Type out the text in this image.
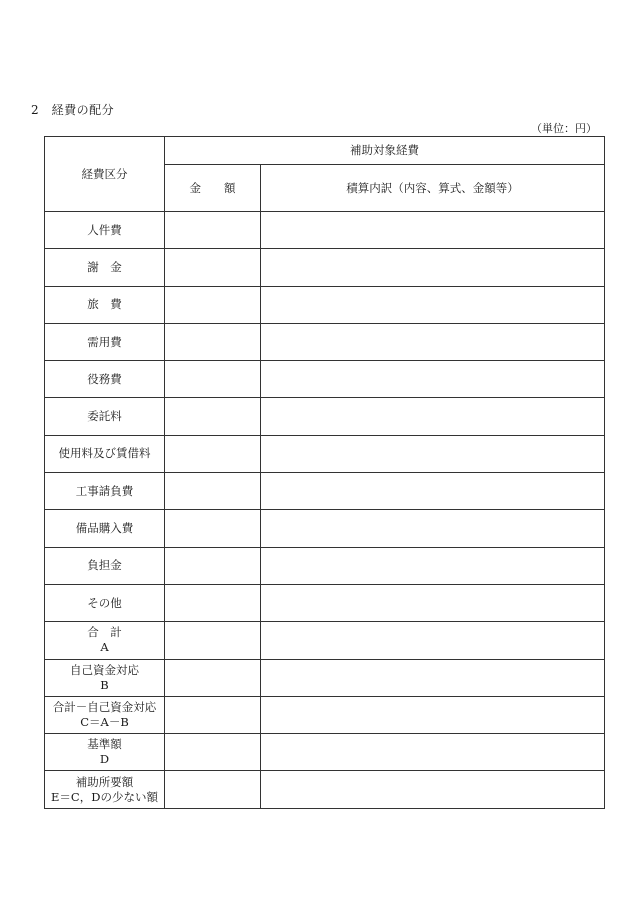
2　経費の配分
（単位：円）
経費区分	補助対象経費	
	金　　額	積算内訳（内容、算式、金額等）
人件費		
謝　金		
旅　費		
需用費		
役務費		
委託料		
使用料及び賃借料		
工事請負費		
備品購入費		
負担金		
その他		

合　計
A		

自己資金対応
B		

合計－自己資金対応
C＝A－B		

基準額
D		

補助所要額
E＝C，Dの少ない額		
